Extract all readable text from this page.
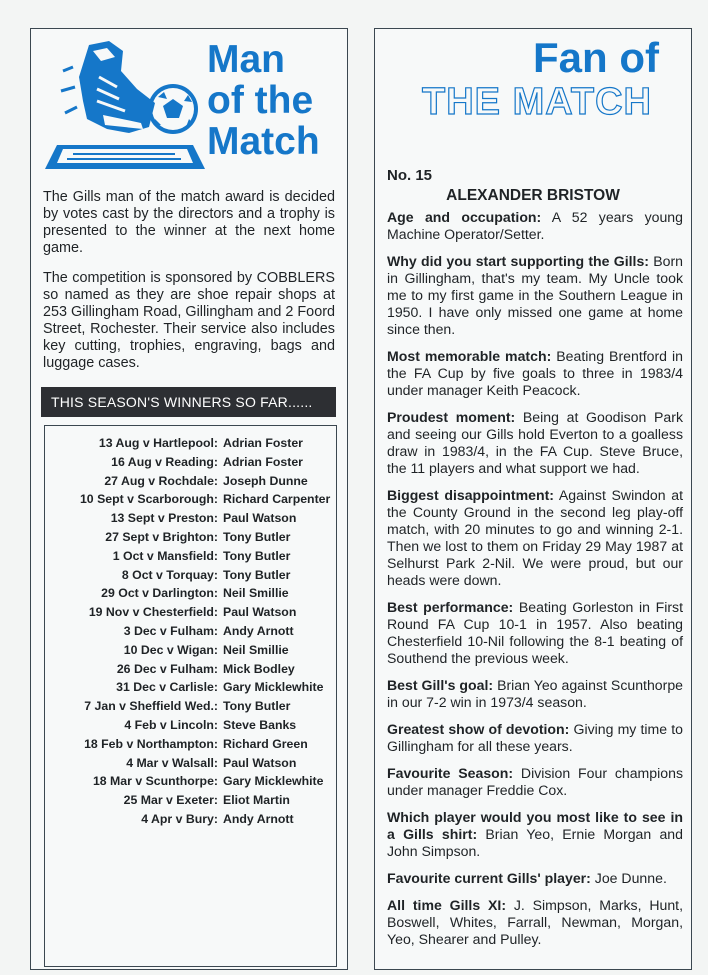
Man
of the
Match

The Gills man of the match award is decided by votes cast by the directors and a trophy is presented to the winner at the next home game.

The competition is sponsored by COBBLERS so named as they are shoe repair shops at 253 Gillingham Road, Gillingham and 2 Foord Street, Rochester. Their service also includes key cutting, trophies, engraving, bags and luggage cases.

THIS SEASON'S WINNERS SO FAR......
13 Aug v Hartlepool: Adrian Foster
16 Aug v Reading: Adrian Foster
27 Aug v Rochdale: Joseph Dunne
10 Sept v Scarborough: Richard Carpenter
13 Sept v Preston: Paul Watson
27 Sept v Brighton: Tony Butler
1 Oct v Mansfield: Tony Butler
8 Oct v Torquay: Tony Butler
29 Oct v Darlington: Neil Smillie
19 Nov v Chesterfield: Paul Watson
3 Dec v Fulham: Andy Arnott
10 Dec v Wigan: Neil Smillie
26 Dec v Fulham: Mick Bodley
31 Dec v Carlisle: Gary Micklewhite
7 Jan v Sheffield Wed.: Tony Butler
4 Feb v Lincoln: Steve Banks
18 Feb v Northampton: Richard Green
4 Mar v Walsall: Paul Watson
18 Mar v Scunthorpe: Gary Micklewhite
25 Mar v Exeter: Eliot Martin
4 Apr v Bury: Andy Arnott
Fan of
THE MATCH
No. 15
ALEXANDER BRISTOW

Age and occupation: A 52 years young Machine Operator/Setter.

Why did you start supporting the Gills: Born in Gillingham, that's my team. My Uncle took me to my first game in the Southern League in 1950. I have only missed one game at home since then.

Most memorable match: Beating Brentford in the FA Cup by five goals to three in 1983/4 under manager Keith Peacock.

Proudest moment: Being at Goodison Park and seeing our Gills hold Everton to a goalless draw in 1983/4, in the FA Cup. Steve Bruce, the 11 players and what support we had.

Biggest disappointment: Against Swindon at the County Ground in the second leg play-off match, with 20 minutes to go and winning 2-1. Then we lost to them on Friday 29 May 1987 at Selhurst Park 2-Nil. We were proud, but our heads were down.

Best performance: Beating Gorleston in First Round FA Cup 10-1 in 1957. Also beating Chesterfield 10-Nil following the 8-1 beating of Southend the previous week.

Best Gill's goal: Brian Yeo against Scunthorpe in our 7-2 win in 1973/4 season.

Greatest show of devotion: Giving my time to Gillingham for all these years.

Favourite Season: Division Four champions under manager Freddie Cox.

Which player would you most like to see in a Gills shirt: Brian Yeo, Ernie Morgan and John Simpson.

Favourite current Gills' player: Joe Dunne.

All time Gills XI: J. Simpson, Marks, Hunt, Boswell, Whites, Farrall, Newman, Morgan, Yeo, Shearer and Pulley.
